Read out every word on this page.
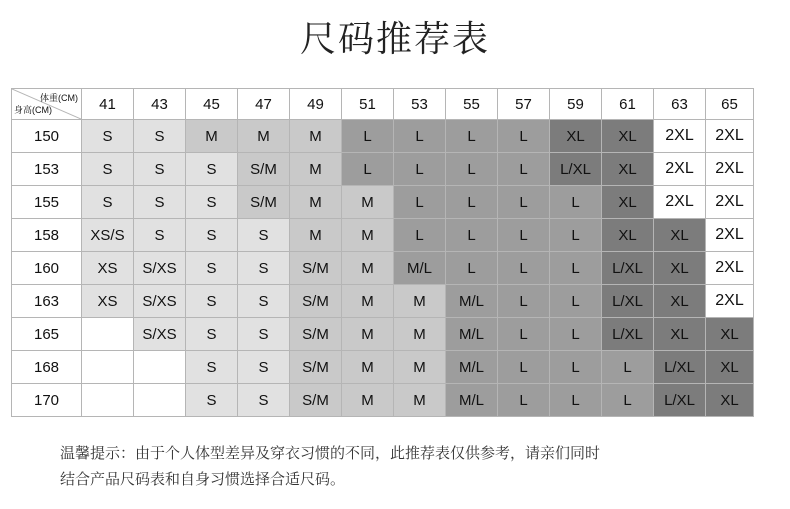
尺码推荐表
体重(CM)
身高(CM)	41	43	45	47	49	51	53	55	57	59	61	63	65
150	S	S	M	M	M	L	L	L	L	XL	XL	2XL	2XL
153	S	S	S	S/M	M	L	L	L	L	L/XL	XL	2XL	2XL
155	S	S	S	S/M	M	M	L	L	L	L	XL	2XL	2XL
158	XS/S	S	S	S	M	M	L	L	L	L	XL	XL	2XL
160	XS	S/XS	S	S	S/M	M	M/L	L	L	L	L/XL	XL	2XL
163	XS	S/XS	S	S	S/M	M	M	M/L	L	L	L/XL	XL	2XL
165		S/XS	S	S	S/M	M	M	M/L	L	L	L/XL	XL	XL
168			S	S	S/M	M	M	M/L	L	L	L	L/XL	XL
170			S	S	S/M	M	M	M/L	L	L	L	L/XL	XL
温馨提示：由于个人体型差异及穿衣习惯的不同，此推荐表仅供参考，请亲们同时
结合产品尺码表和自身习惯选择合适尺码。
